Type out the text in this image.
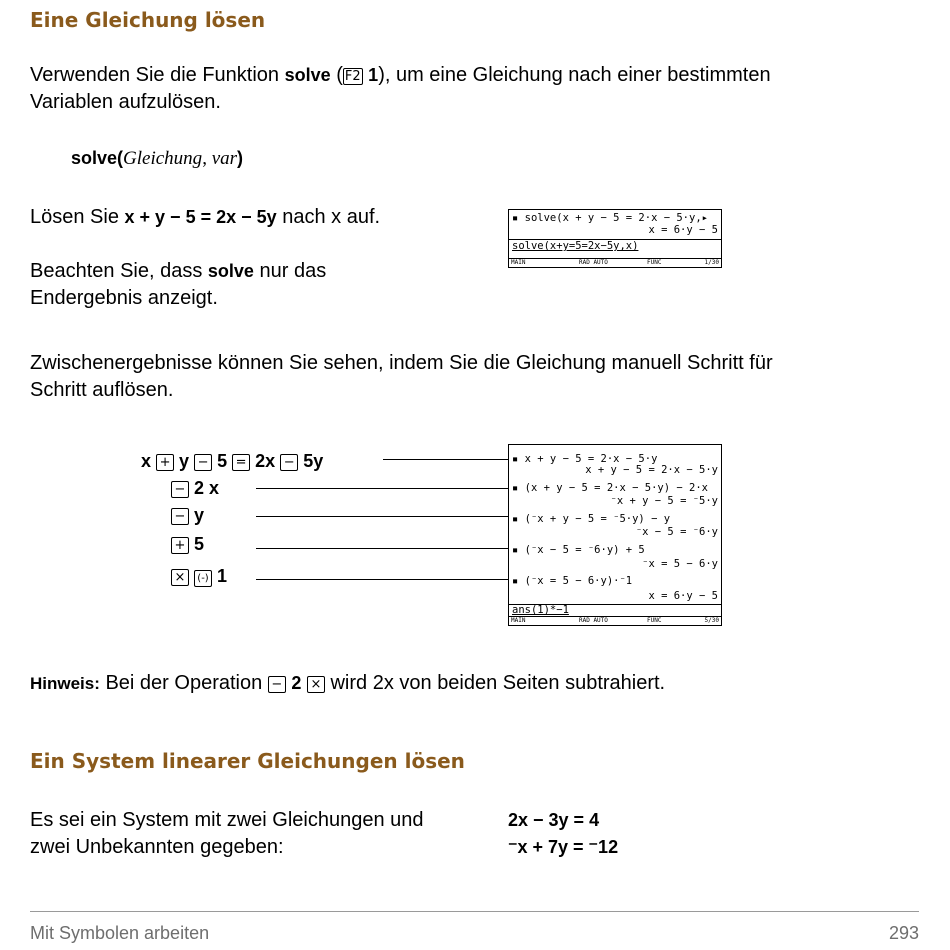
Eine Gleichung lösen
Verwenden Sie die Funktion solve ( F2 1), um eine Gleichung nach einer bestimmten
Variablen aufzulösen.
solve(Gleichung, var)
Lösen Sie x + y − 5 = 2x − 5y nach x auf.
Beachten Sie, dass solve nur das
Endergebnis anzeigt.
▪ solve(x + y − 5 = 2·x − 5·y,▸
x = 6·y − 5
solve(x+y=5=2x−5y,x)
MAIN	RAD AUTO	FUNC	1/30
Zwischenergebnisse können Sie sehen, indem Sie die Gleichung manuell Schritt für
Schritt auflösen.
x + y − 5 = 2x − 5y
− 2 x
− y
+ 5
× (-) 1
▪ x + y − 5 = 2·x − 5·y
x + y − 5 = 2·x − 5·y
▪ (x + y − 5 = 2·x − 5·y) − 2·x
⁻x + y − 5 = ⁻5·y
▪ (⁻x + y − 5 = ⁻5·y) − y
⁻x − 5 = ⁻6·y
▪ (⁻x − 5 = ⁻6·y) + 5
⁻x = 5 − 6·y
▪ (⁻x = 5 − 6·y)·⁻1
x = 6·y − 5
ans(1)*−1
MAIN	RAD AUTO	FUNC	5/30
Hinweis: Bei der Operation − 2 × wird 2x von beiden Seiten subtrahiert.
Ein System linearer Gleichungen lösen
Es sei ein System mit zwei Gleichungen und
zwei Unbekannten gegeben:
2x − 3y = 4
⁻x + 7y = ⁻12
Mit Symbolen arbeiten	293
